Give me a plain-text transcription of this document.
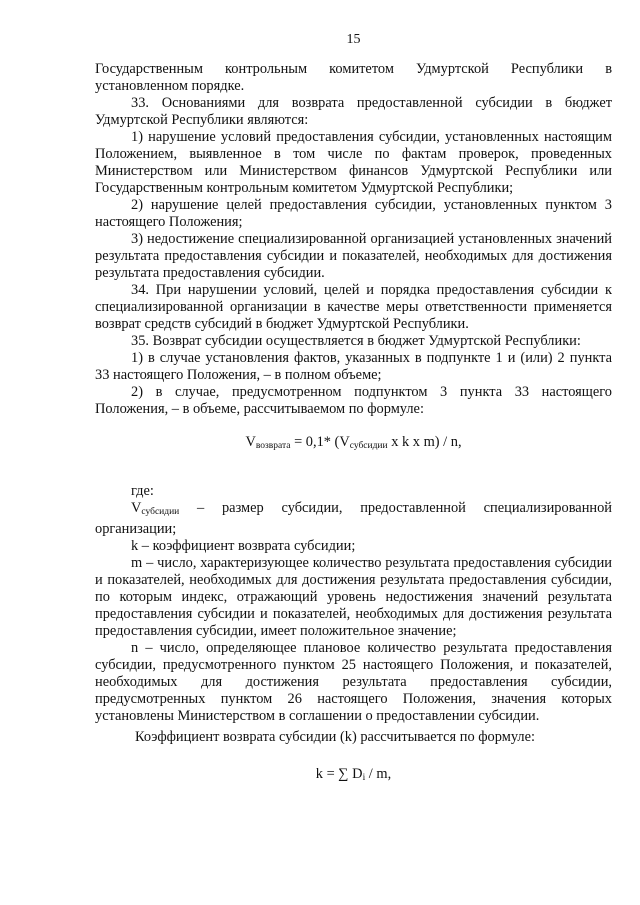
15

Государственным контрольным комитетом Удмуртской Республики в установленном порядке.

33. Основаниями для возврата предоставленной субсидии в бюджет Удмуртской Республики являются:

1) нарушение условий предоставления субсидии, установленных настоящим Положением, выявленное в том числе по фактам проверок, проведенных Министерством или Министерством финансов Удмуртской Республики или Государственным контрольным комитетом Удмуртской Республики;

2) нарушение целей предоставления субсидии, установленных пунктом 3 настоящего Положения;

3) недостижение специализированной организацией установленных значений результата предоставления субсидии и показателей, необходимых для достижения результата предоставления субсидии.

34. При нарушении условий, целей и порядка предоставления субсидии к специализированной организации в качестве меры ответственности применяется возврат средств субсидий в бюджет Удмуртской Республики.

35. Возврат субсидии осуществляется в бюджет Удмуртской Республики:

1) в случае установления фактов, указанных в подпункте 1 и (или) 2 пункта 33 настоящего Положения, – в полном объеме;

2) в случае, предусмотренном подпунктом 3 пункта 33 настоящего Положения, – в объеме, рассчитываемом по формуле:

$V_{возврата} = 0,1*$ ($V_{субсидии}$ x k x m) / n,

где:

$V_{субсидии}$ – размер субсидии, предоставленной специализированной организации;

k – коэффициент возврата субсидии;

m – число, характеризующее количество результата предоставления субсидии и показателей, необходимых для достижения результата предоставления субсидии, по которым индекс, отражающий уровень недостижения значений результата предоставления субсидии и показателей, необходимых для достижения результата предоставления субсидии, имеет положительное значение;

n – число, определяющее плановое количество результата предоставления субсидии, предусмотренного пунктом 25 настоящего Положения, и показателей, необходимых для достижения результата предоставления субсидии, предусмотренных пунктом 26 настоящего Положения, значения которых установлены Министерством в соглашении о предоставлении субсидии.

Коэффициент возврата субсидии (k) рассчитывается по формуле:

k = ∑ $D_i$ / m,
